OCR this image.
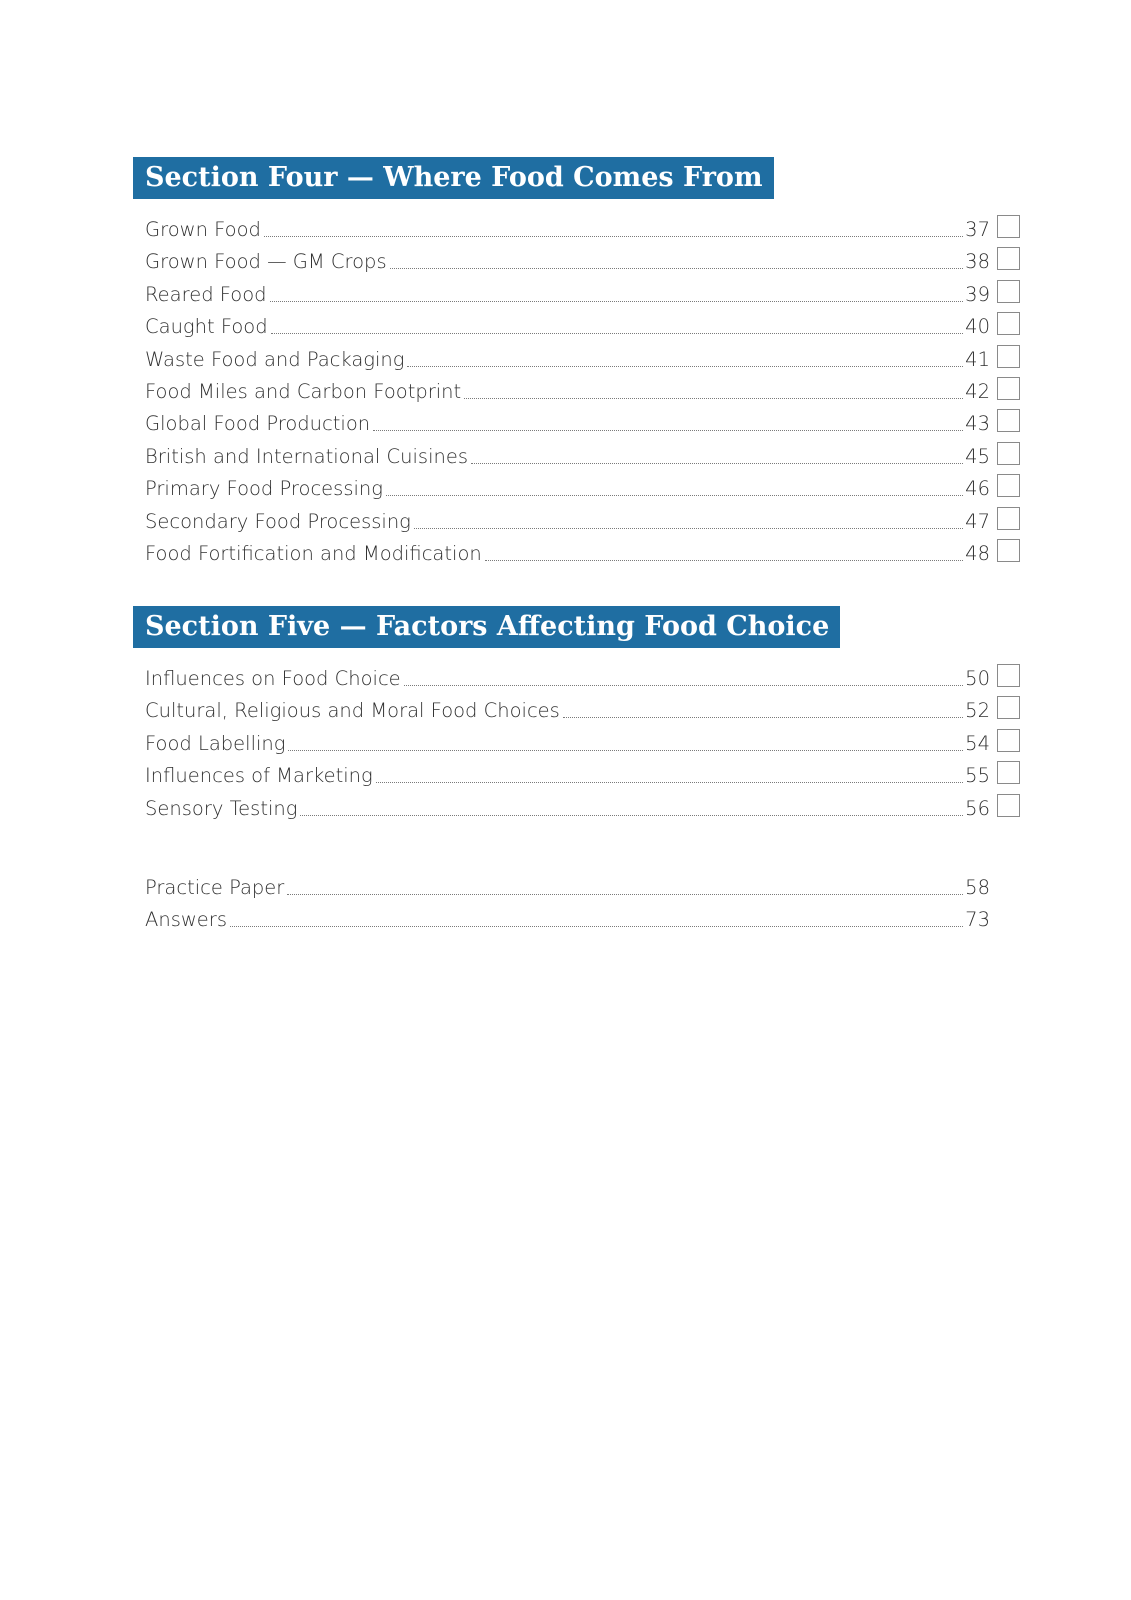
Section Four — Where Food Comes From
Grown Food	37
Grown Food — GM Crops	38
Reared Food	39
Caught Food	40
Waste Food and Packaging	41
Food Miles and Carbon Footprint	42
Global Food Production	43
British and International Cuisines	45
Primary Food Processing	46
Secondary Food Processing	47
Food Fortification and Modification	48
Section Five — Factors Affecting Food Choice
Influences on Food Choice	50
Cultural, Religious and Moral Food Choices	52
Food Labelling	54
Influences of Marketing	55
Sensory Testing	56
Practice Paper	58
Answers	73
